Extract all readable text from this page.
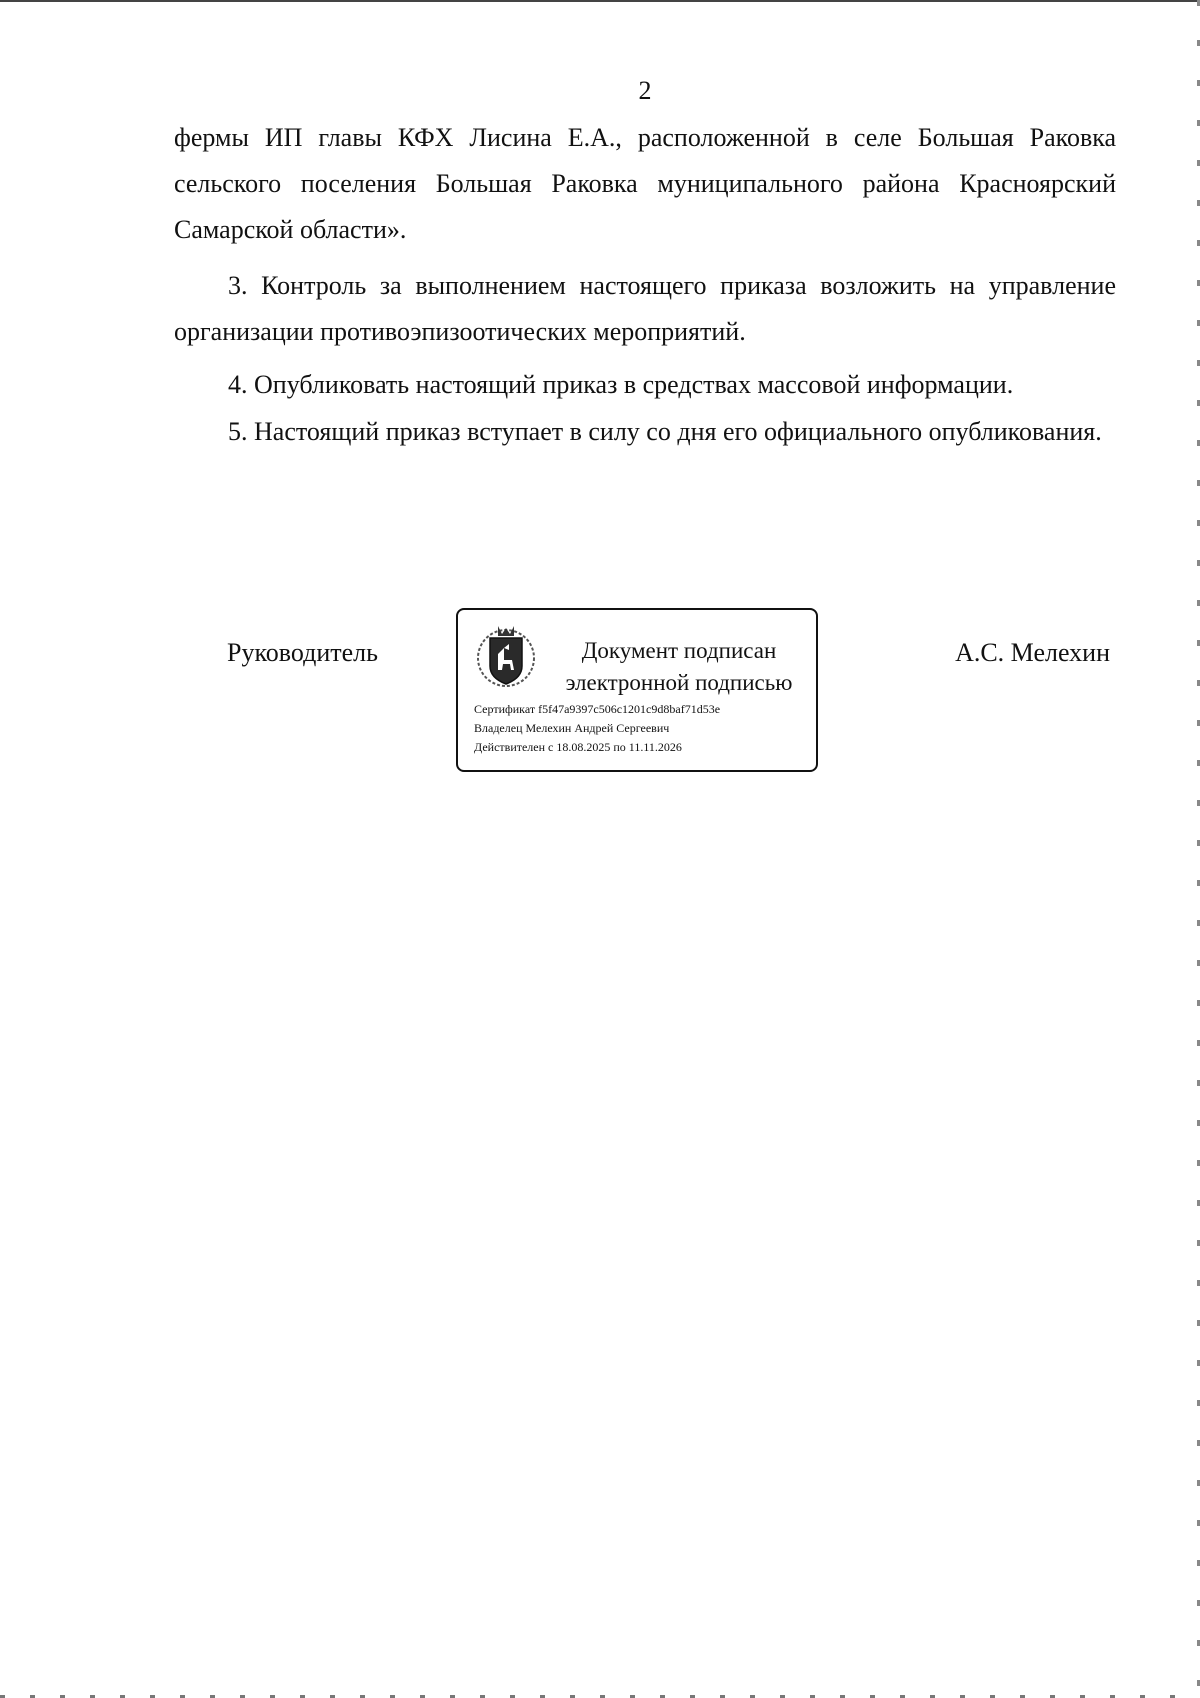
2

фермы ИП главы КФХ Лисина Е.А., расположенной в селе Большая Раковка сельского поселения Большая Раковка муниципального района Красноярский Самарской области».

3. Контроль за выполнением настоящего приказа возложить на управление организации противоэпизоотических мероприятий.

4. Опубликовать настоящий приказ в средствах массовой информации.

5. Настоящий приказ вступает в силу со дня его официального опубликования.

Руководитель	Документ подписан
электронной подписью
Сертификат f5f47a9397c506c1201c9d8baf71d53e
Владелец Мелехин Андрей Сергеевич
Действителен с 18.08.2025 по 11.11.2026
А.С. Мелехин
